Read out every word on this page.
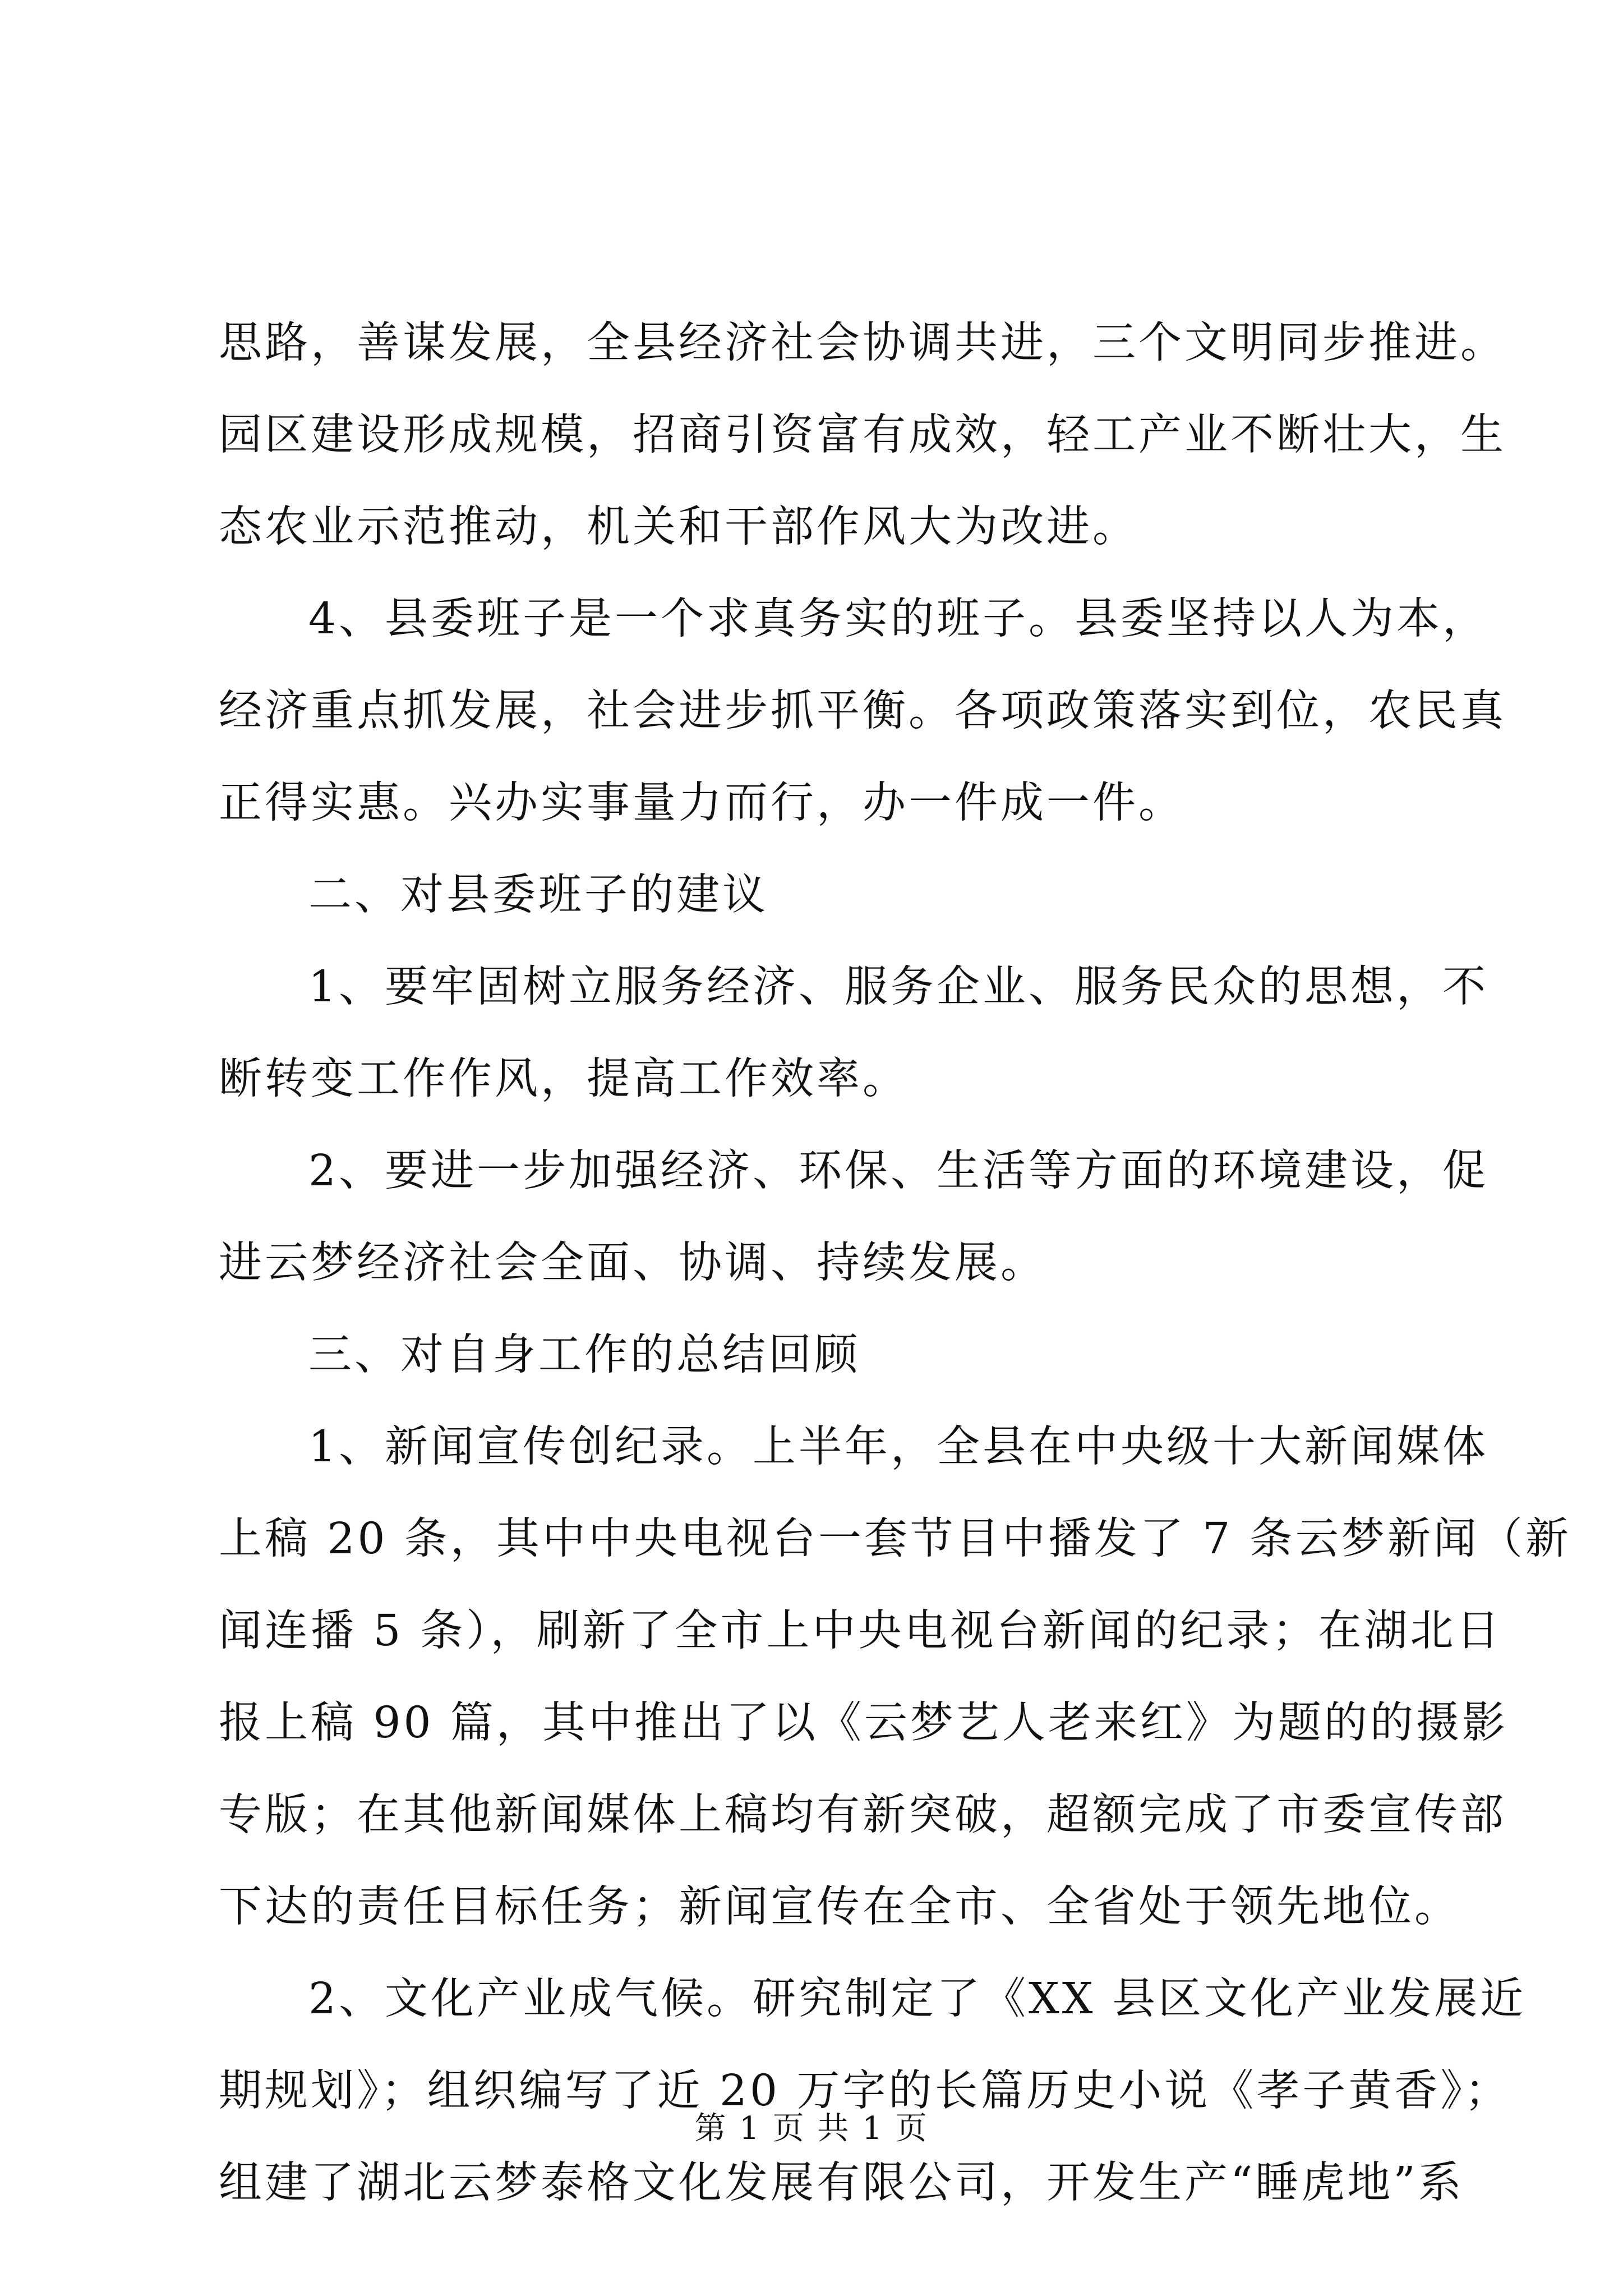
思路，善谋发展，全县经济社会协调共进，三个文明同步推进。
园区建设形成规模，招商引资富有成效，轻工产业不断壮大，生
态农业示范推动，机关和干部作风大为改进。
4、县委班子是一个求真务实的班子。县委坚持以人为本，
经济重点抓发展，社会进步抓平衡。各项政策落实到位，农民真
正得实惠。兴办实事量力而行，办一件成一件。
二、对县委班子的建议
1、要牢固树立服务经济、服务企业、服务民众的思想，不
断转变工作作风，提高工作效率。
2、要进一步加强经济、环保、生活等方面的环境建设，促
进云梦经济社会全面、协调、持续发展。
三、对自身工作的总结回顾
1、新闻宣传创纪录。上半年，全县在中央级十大新闻媒体
上稿 20 条，其中中央电视台一套节目中播发了 7 条云梦新闻（新
闻连播 5 条），刷新了全市上中央电视台新闻的纪录；在湖北日
报上稿 90 篇，其中推出了以《云梦艺人老来红》为题的的摄影
专版；在其他新闻媒体上稿均有新突破，超额完成了市委宣传部
下达的责任目标任务；新闻宣传在全市、全省处于领先地位。
2、文化产业成气候。研究制定了《XX 县区文化产业发展近
期规划》；组织编写了近 20 万字的长篇历史小说《孝子黄香》；
组建了湖北云梦泰格文化发展有限公司，开发生产“睡虎地”系
第 1 页 共 1 页
